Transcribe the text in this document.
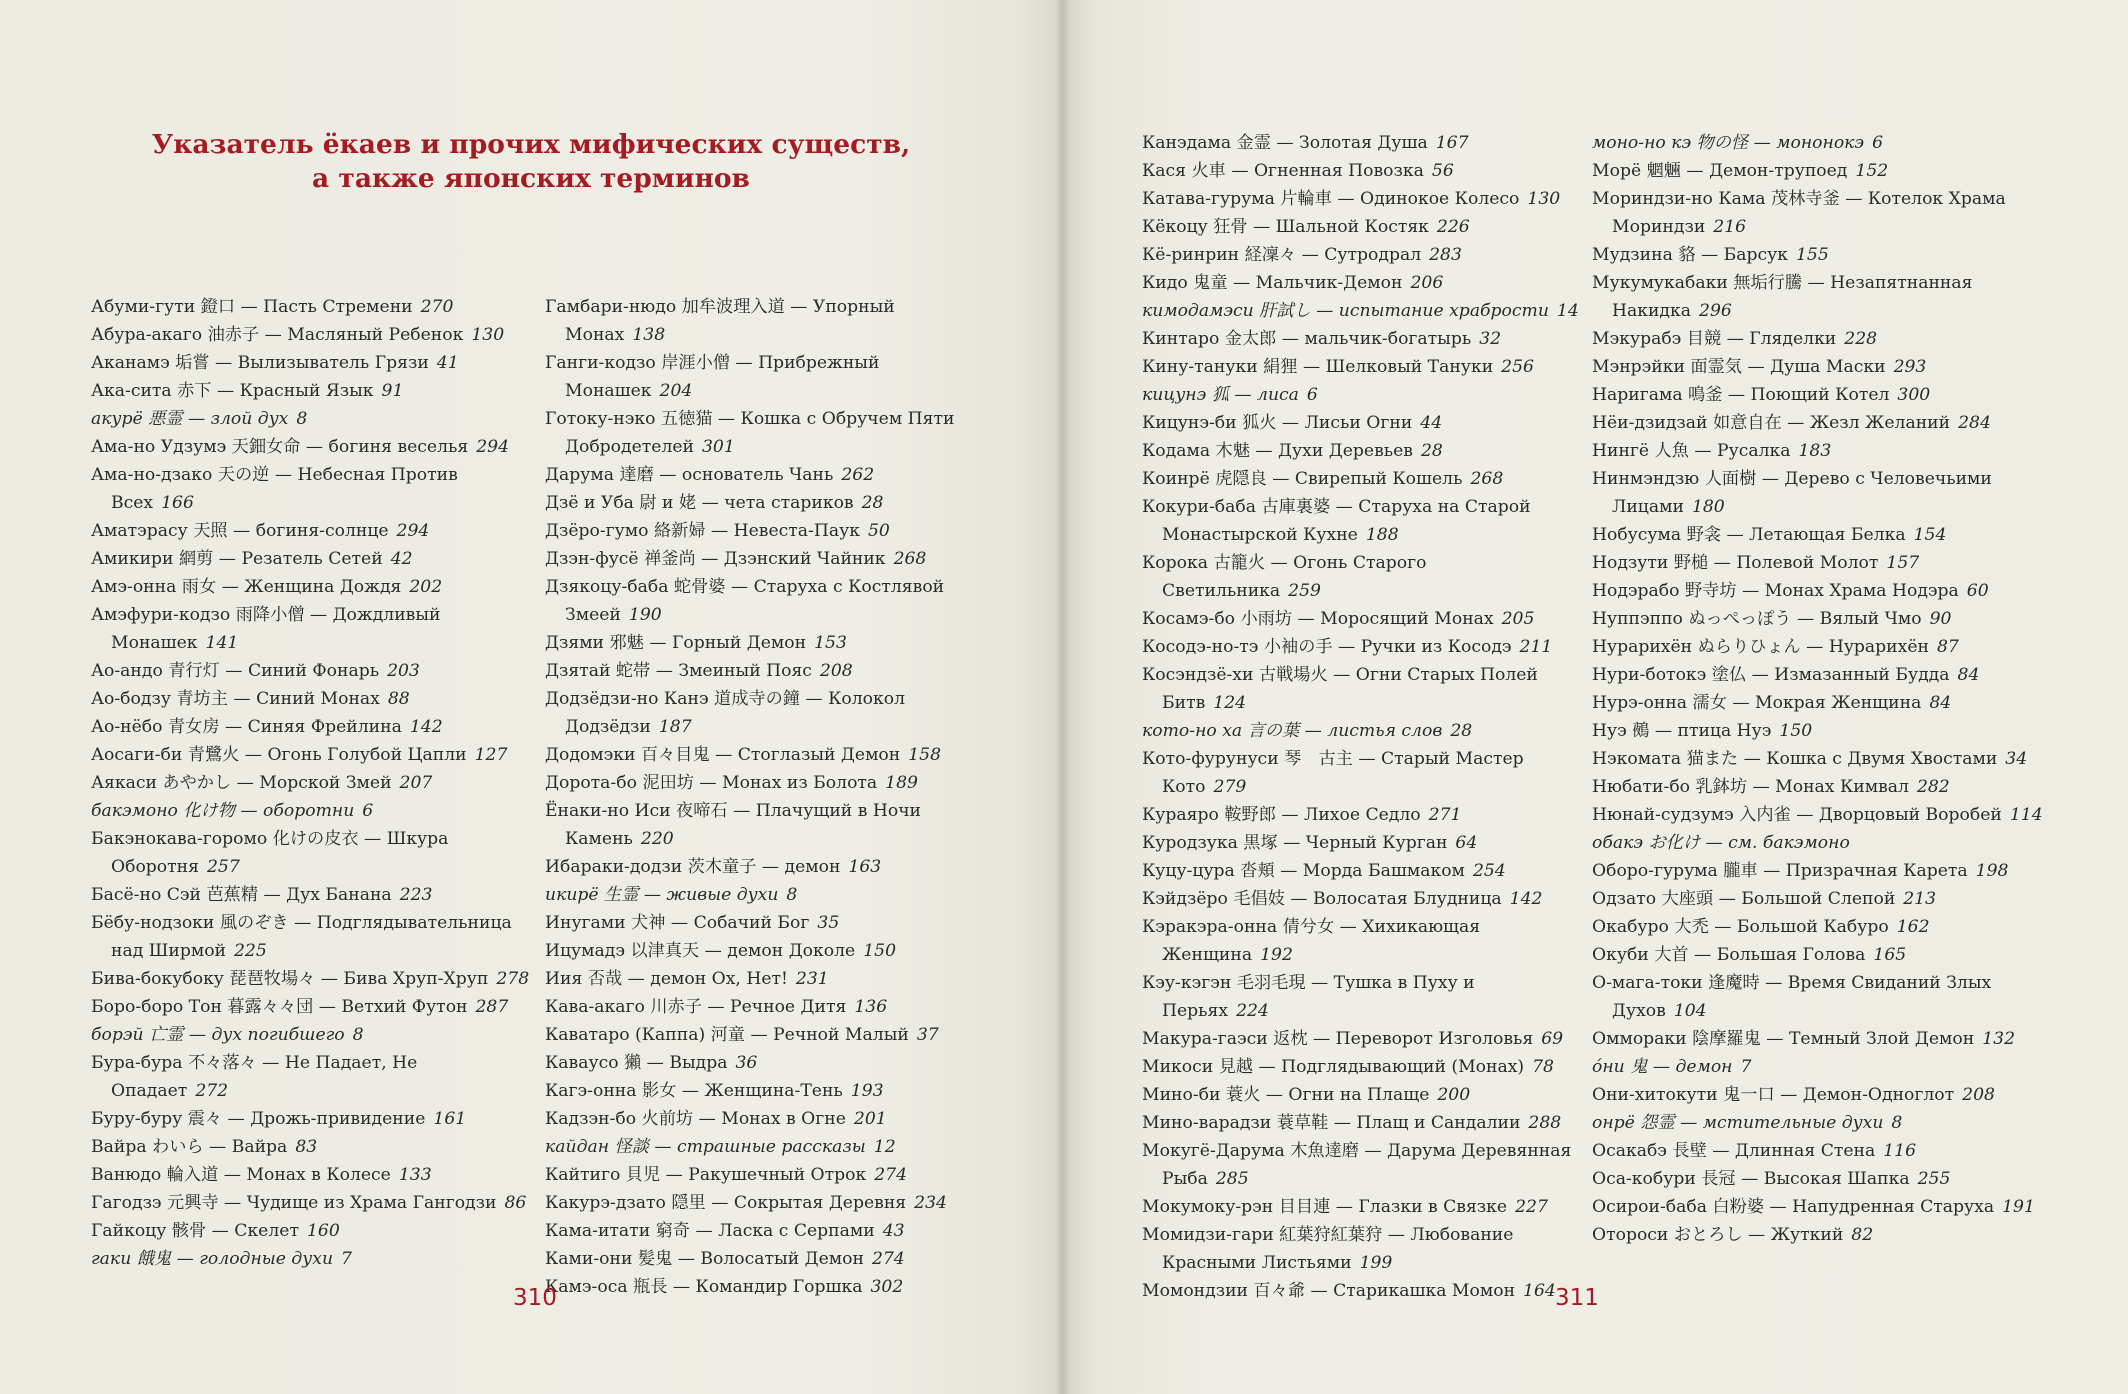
Указатель ёкаев и прочих мифических существ,
а также японских терминов
Абуми-гути 鐙口 — Пасть Стремени 270
Абура-акаго 油赤子 — Масляный Ребенок 130
Аканамэ 垢嘗 — Вылизыватель Грязи 41
Ака-сита 赤下 — Красный Язык 91
акурё 悪霊 — злой дух 8
Ама-но Удзумэ 天鈿女命 — богиня веселья 294
Ама-но-дзако 天の逆 — Небесная Против Всех 166
Аматэрасу 天照 — богиня-солнце 294
Амикири 網剪 — Резатель Сетей 42
Амэ-онна 雨女 — Женщина Дождя 202
Амэфури-кодзо 雨降小僧 — Дождливый Монашек 141
Ао-андо 青行灯 — Синий Фонарь 203
Ао-бодзу 青坊主 — Синий Монах 88
Ао-нёбо 青女房 — Синяя Фрейлина 142
Аосаги-би 青鷺火 — Огонь Голубой Цапли 127
Аякаси あやかし — Морской Змей 207
бакэмоно 化け物 — оборотни 6
Бакэнокава-горомо 化けの皮衣 — Шкура Оборотня 257
Басё-но Сэй 芭蕉精 — Дух Банана 223
Бёбу-нодзоки 風のぞき — Подглядывательница над Ширмой 225
Бива-бокубоку 琵琶牧場々 — Бива Хруп-Хруп 278
Боро-боро Тон 暮露々々団 — Ветхий Футон 287
борэй 亡霊 — дух погибшего 8
Бура-бура 不々落々 — Не Падает, Не Опадает 272
Буру-буру 震々 — Дрожь-привидение 161
Вайра わいら — Вайра 83
Ванюдо 輪入道 — Монах в Колесе 133
Гагодзэ 元興寺 — Чудище из Храма Гангодзи 86
Гайкоцу 骸骨 — Скелет 160
гаки 餓鬼 — голодные духи 7
Гамбари-нюдо 加牟波理入道 — Упорный Монах 138
Ганги-кодзо 岸涯小僧 — Прибрежный Монашек 204
Готоку-нэко 五徳猫 — Кошка с Обручем Пяти Добродетелей 301
Дарума 達磨 — основатель Чань 262
Дзё и Уба 尉 и 姥 — чета стариков 28
Дзёро-гумо 絡新婦 — Невеста-Паук 50
Дзэн-фусё 禅釜尚 — Дзэнский Чайник 268
Дзякоцу-баба 蛇骨婆 — Старуха с Костлявой Змеей 190
Дзями 邪魅 — Горный Демон 153
Дзятай 蛇帯 — Змеиный Пояс 208
Додзёдзи-но Канэ 道成寺の鐘 — Колокол Додзёдзи 187
Додомэки 百々目鬼 — Стоглазый Демон 158
Дорота-бо 泥田坊 — Монах из Болота 189
Ёнаки-но Иси 夜啼石 — Плачущий в Ночи Камень 220
Ибараки-додзи 茨木童子 — демон 163
икирё 生霊 — живые духи 8
Инугами 犬神 — Собачий Бог 35
Ицумадэ 以津真天 — демон Доколе 150
Иия 否哉 — демон Ох, Нет! 231
Кава-акаго 川赤子 — Речное Дитя 136
Каватаро (Каппа) 河童 — Речной Малый 37
Каваусо 獺 — Выдра 36
Кагэ-онна 影女 — Женщина-Тень 193
Кадзэн-бо 火前坊 — Монах в Огне 201
кайдан 怪談 — страшные рассказы 12
Кайтиго 貝児 — Ракушечный Отрок 274
Какурэ-дзато 隠里 — Сокрытая Деревня 234
Кама-итати 窮奇 — Ласка с Серпами 43
Ками-они 髪鬼 — Волосатый Демон 274
Камэ-оса 瓶長 — Командир Горшка 302
310
Канэдама 金霊 — Золотая Душа 167
Кася 火車 — Огненная Повозка 56
Катава-гурума 片輪車 — Одинокое Колесо 130
Кёкоцу 狂骨 — Шальной Костяк 226
Кё-ринрин 経凜々 — Сутродрал 283
Кидо 鬼童 — Мальчик-Демон 206
кимодамэси 肝試し — испытание храбрости 14
Кинтаро 金太郎 — мальчик-богатырь 32
Кину-тануки 絹狸 — Шелковый Тануки 256
кицунэ 狐 — лиса 6
Кицунэ-би 狐火 — Лисьи Огни 44
Кодама 木魅 — Духи Деревьев 28
Коинрё 虎隠良 — Свирепый Кошель 268
Кокури-баба 古庫裏婆 — Старуха на Старой Монастырской Кухне 188
Корока 古籠火 — Огонь Старого Светильника 259
Косамэ-бо 小雨坊 — Моросящий Монах 205
Косодэ-но-тэ 小袖の手 — Ручки из Косодэ 211
Косэндзё-хи 古戦場火 — Огни Старых Полей Битв 124
кото-но ха 言の葉 — листья слов 28
Кото-фурунуси 琴　古主 — Старый Мастер Кото 279
Кураяро 鞍野郎 — Лихое Седло 271
Куродзука 黒塚 — Черный Курган 64
Куцу-цура 沓頬 — Морда Башмаком 254
Кэйдзёро 毛倡妓 — Волосатая Блудница 142
Кэракэра-онна 倩兮女 — Хихикающая Женщина 192
Кэу-кэгэн 毛羽毛現 — Тушка в Пуху и Перьях 224
Макура-гаэси 返枕 — Переворот Изголовья 69
Микоси 見越 — Подглядывающий (Монах) 78
Мино-би 蓑火 — Огни на Плаще 200
Мино-варадзи 蓑草鞋 — Плащ и Сандалии 288
Мокугё-Дарума 木魚達磨 — Дарума Деревянная Рыба 285
Мокумоку-рэн 目目連 — Глазки в Связке 227
Момидзи-гари 紅葉狩紅葉狩 — Любование Красными Листьями 199
Момондзии 百々爺 — Старикашка Момон 164
моно-но кэ 物の怪 — мононокэ 6
Морё 魍魎 — Демон-трупоед 152
Мориндзи-но Кама 茂林寺釜 — Котелок Храма Мориндзи 216
Мудзина 貉 — Барсук 155
Мукумукабаки 無垢行騰 — Незапятнанная Накидка 296
Мэкурабэ 目競 — Гляделки 228
Мэнрэйки 面霊気 — Душа Маски 293
Наригама 鳴釜 — Поющий Котел 300
Нёи-дзидзай 如意自在 — Жезл Желаний 284
Нингё 人魚 — Русалка 183
Нинмэндзю 人面樹 — Дерево с Человечьими Лицами 180
Нобусума 野衾 — Летающая Белка 154
Нодзути 野槌 — Полевой Молот 157
Нодэрабо 野寺坊 — Монах Храма Нодэра 60
Нуппэппо ぬっぺっぽう — Вялый Чмо 90
Нурарихён ぬらりひょん — Нурарихён 87
Нури-ботокэ 塗仏 — Измазанный Будда 84
Нурэ-онна 濡女 — Мокрая Женщина 84
Нуэ 鵺 — птица Нуэ 150
Нэкомата 猫また — Кошка с Двумя Хвостами 34
Нюбати-бо 乳鉢坊 — Монах Кимвал 282
Нюнай-судзумэ 入内雀 — Дворцовый Воробей 114
обакэ お化け — см. бакэмоно
Оборо-гурума 朧車 — Призрачная Карета 198
Одзато 大座頭 — Большой Слепой 213
Окабуро 大禿 — Большой Кабуро 162
Окуби 大首 — Большая Голова 165
О-мага-токи 逢魔時 — Время Свиданий Злых Духов 104
Оммораки 陰摩羅鬼 — Темный Злой Демон 132
óни 鬼 — демон 7
Они-хитокути 鬼一口 — Демон-Одноглот 208
онрё 怨霊 — мстительные духи 8
Осакабэ 長壁 — Длинная Стена 116
Оса-кобури 長冠 — Высокая Шапка 255
Осирои-баба 白粉婆 — Напудренная Старуха 191
Отороси おとろし — Жуткий 82
311
